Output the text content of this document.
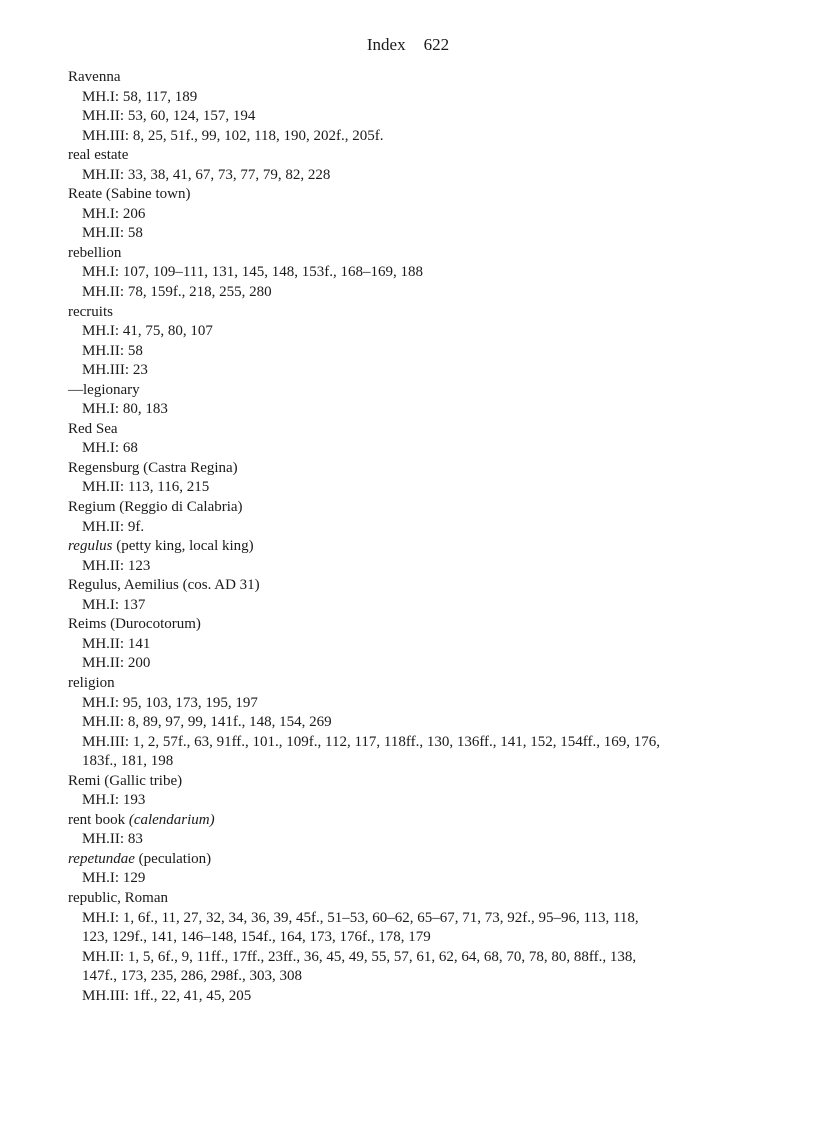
Index 622
Ravenna
MH.I: 58, 117, 189
MH.II: 53, 60, 124, 157, 194
MH.III: 8, 25, 51f., 99, 102, 118, 190, 202f., 205f.
real estate
MH.II: 33, 38, 41, 67, 73, 77, 79, 82, 228
Reate (Sabine town)
MH.I: 206
MH.II: 58
rebellion
MH.I: 107, 109–111, 131, 145, 148, 153f., 168–169, 188
MH.II: 78, 159f., 218, 255, 280
recruits
MH.I: 41, 75, 80, 107
MH.II: 58
MH.III: 23
—legionary
MH.I: 80, 183
Red Sea
MH.I: 68
Regensburg (Castra Regina)
MH.II: 113, 116, 215
Regium (Reggio di Calabria)
MH.II: 9f.
regulus (petty king, local king)
MH.II: 123
Regulus, Aemilius (cos. AD 31)
MH.I: 137
Reims (Durocotorum)
MH.II: 141
MH.II: 200
religion
MH.I: 95, 103, 173, 195, 197
MH.II: 8, 89, 97, 99, 141f., 148, 154, 269
MH.III: 1, 2, 57f., 63, 91ff., 101., 109f., 112, 117, 118ff., 130, 136ff., 141, 152, 154ff., 169, 176,
183f., 181, 198
Remi (Gallic tribe)
MH.I: 193
rent book (calendarium)
MH.II: 83
repetundae (peculation)
MH.I: 129
republic, Roman
MH.I: 1, 6f., 11, 27, 32, 34, 36, 39, 45f., 51–53, 60–62, 65–67, 71, 73, 92f., 95–96, 113, 118,
123, 129f., 141, 146–148, 154f., 164, 173, 176f., 178, 179
MH.II: 1, 5, 6f., 9, 11ff., 17ff., 23ff., 36, 45, 49, 55, 57, 61, 62, 64, 68, 70, 78, 80, 88ff., 138,
147f., 173, 235, 286, 298f., 303, 308
MH.III: 1ff., 22, 41, 45, 205
